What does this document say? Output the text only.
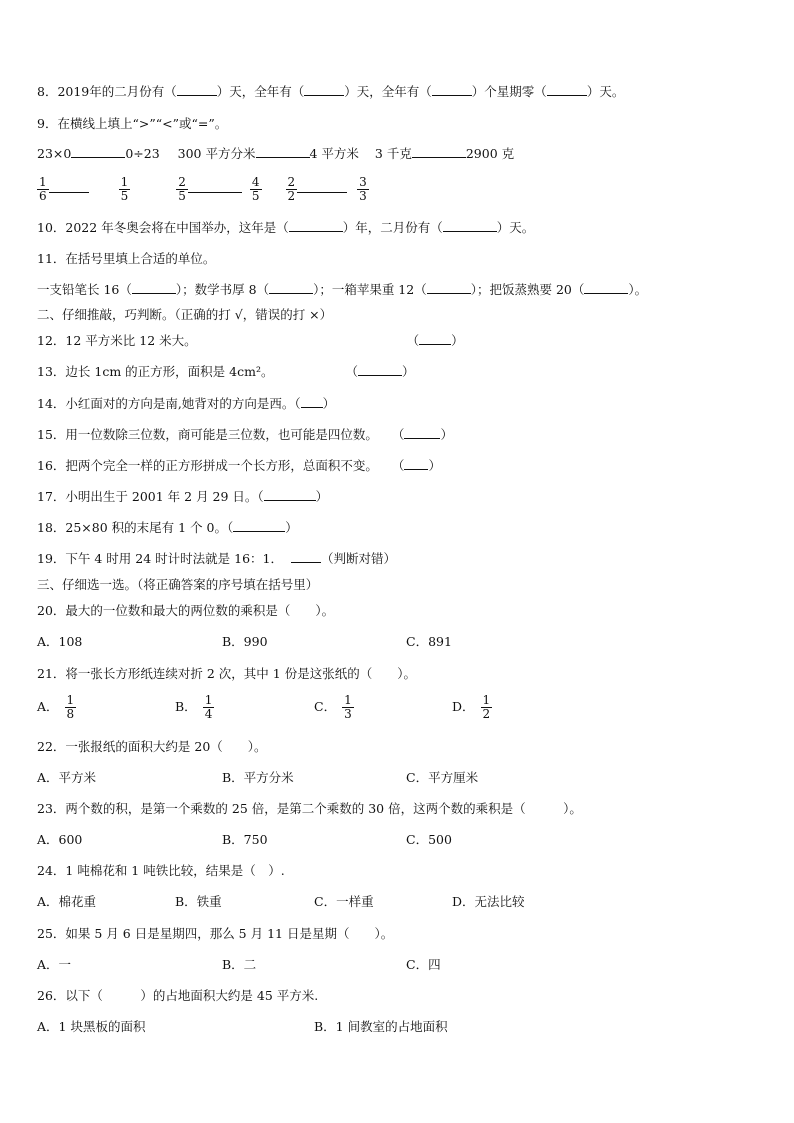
8．2019年的二月份有（	）天，全年有（	）天，全年有（	）个星期零（	）天。
9．在横线上填上“>”“<”或“=”。
23×0	0÷23 300 平方分米	4 平方米 3 千克	2900 克
$\frac{1}{6}$	$\frac{1}{5}$
	$\frac{2}{5}$	$\frac{4}{5}$
$\frac{2}{2}$	$\frac{3}{3}$
10．2022 年冬奥会将在中国举办，这年是（	）年，二月份有（	）天。
11．在括号里填上合适的单位。
一支铅笔长 16（	）；数学书厚 8（	）；一箱苹果重 12（	）；把饭蒸熟要 20（	）。
二、仔细推敲，巧判断。（正确的打 √，错误的打 ×）
12．12 平方米比 12 米大。	（	）
13．边长 1cm 的正方形，面积是 4cm²。	（	）
14．小红面对的方向是南,她背对的方向是西。（ ）
15．用一位数除三位数，商可能是三位数，也可能是四位数。 （	）
16．把两个完全一样的正方形拼成一个长方形，总面积不变。 （ ）
17．小明出生于 2001 年 2 月 29 日。（	）
18．25×80 积的末尾有 1 个 0。（	）
19．下午 4 时用 24 时计时法就是 16：1．	（判断对错）
三、仔细选一选。（将正确答案的序号填在括号里）
20．最大的一位数和最大的两位数的乘积是（　　）。
A．108	B．990	C．891
21．将一张长方形纸连续对折 2 次，其中 1 份是这张纸的（　　）。
A． $\frac{1}{8}$	B． $\frac{1}{4}$	C． $\frac{1}{3}$	D． $\frac{1}{2}$
22．一张报纸的面积大约是 20（　　）。
A．平方米	B．平方分米	C．平方厘米
23．两个数的积，是第一个乘数的 25 倍，是第二个乘数的 30 倍，这两个数的乘积是（　　　）。
A．600	B．750	C．500
24．1 吨棉花和 1 吨铁比较，结果是（　）.
A．棉花重	B．铁重	C．一样重	D．无法比较
25．如果 5 月 6 日是星期四，那么 5 月 11 日是星期（　　）。
A．一	B．二	C．四
26．以下（　　　）的占地面积大约是 45 平方米.
A．1 块黑板的面积	B．1 间教室的占地面积
